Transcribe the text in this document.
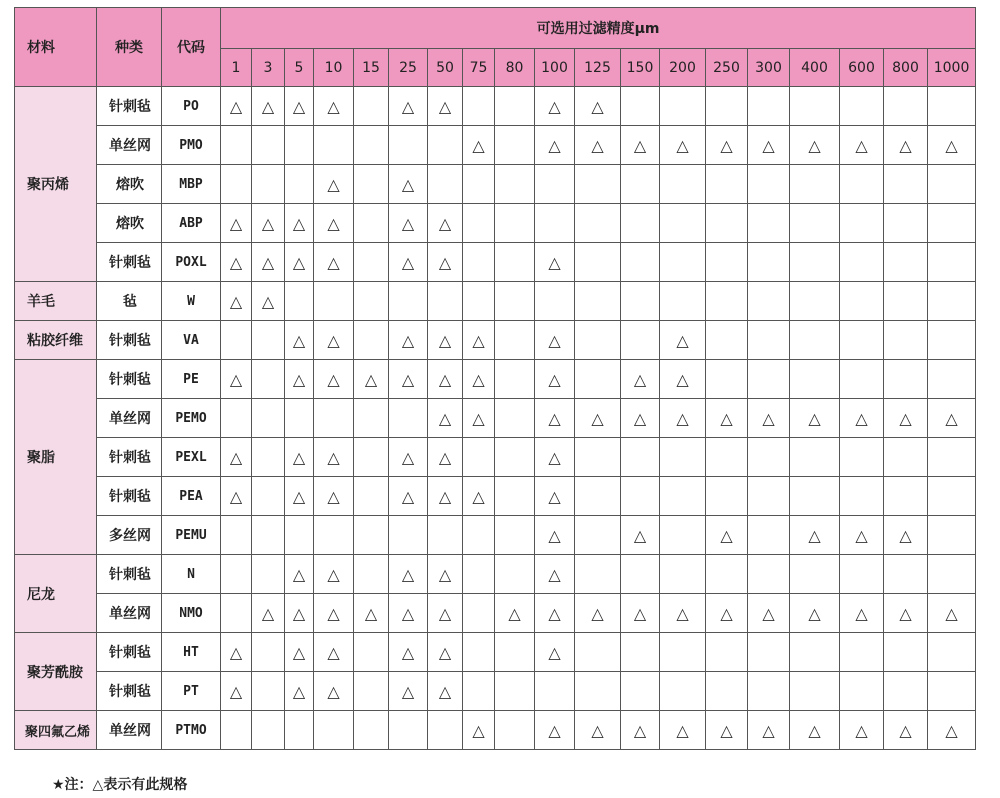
材料	种类	代码	可选用过滤精度μm																		
			1	3	5	10	15	25	50	75	80	100	125	150	200	250	300	400	600	800	1000
聚丙烯	针刺毡	PO	△	△	△	△		△	△			△	△								
	单丝网	PMO								△		△	△	△	△	△	△	△	△	△	△
	熔吹	MBP				△		△													
	熔吹	ABP	△	△	△	△		△	△												
	针刺毡	POXL	△	△	△	△		△	△			△									
羊毛	毡	W	△	△																	
粘胶纤维	针刺毡	VA			△	△		△	△	△		△			△						
聚脂	针刺毡	PE	△		△	△	△	△	△	△		△		△	△						
	单丝网	PEMO							△	△		△	△	△	△	△	△	△	△	△	△
	针刺毡	PEXL	△		△	△		△	△			△									
	针刺毡	PEA	△		△	△		△	△	△		△									
	多丝网	PEMU										△		△		△		△	△	△	
尼龙	针刺毡	N			△	△		△	△			△									
	单丝网	NMO		△	△	△	△	△	△		△	△	△	△	△	△	△	△	△	△	△
聚芳酰胺	针刺毡	HT	△		△	△		△	△			△									
	针刺毡	PT	△		△	△		△	△												
聚四氟乙烯	单丝网	PTMO								△		△	△	△	△	△	△	△	△	△	△
★注：△表示有此规格
